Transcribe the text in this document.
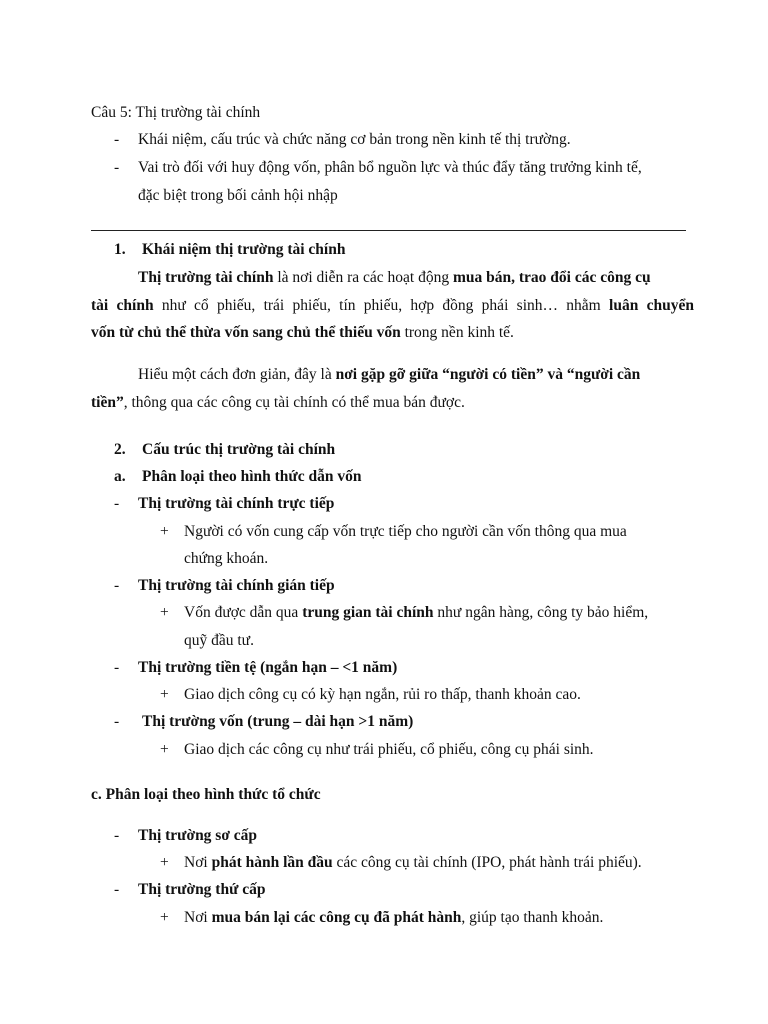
Câu 5: Thị trường tài chính
- Khái niệm, cấu trúc và chức năng cơ bản trong nền kinh tế thị trường.
- Vai trò đối với huy động vốn, phân bổ nguồn lực và thúc đẩy tăng trưởng kinh tế,
đặc biệt trong bối cảnh hội nhập
1. Khái niệm thị trường tài chính
Thị trường tài chính là nơi diễn ra các hoạt động mua bán, trao đổi các công cụ
tài chính như cổ phiếu, trái phiếu, tín phiếu, hợp đồng phái sinh… nhằm luân chuyển
vốn từ chủ thể thừa vốn sang chủ thể thiếu vốn trong nền kinh tế.
Hiểu một cách đơn giản, đây là nơi gặp gỡ giữa “người có tiền” và “người cần
tiền”, thông qua các công cụ tài chính có thể mua bán được.
2. Cấu trúc thị trường tài chính
a. Phân loại theo hình thức dẫn vốn
- Thị trường tài chính trực tiếp
+ Người có vốn cung cấp vốn trực tiếp cho người cần vốn thông qua mua
chứng khoán.
- Thị trường tài chính gián tiếp
+ Vốn được dẫn qua trung gian tài chính như ngân hàng, công ty bảo hiểm,
quỹ đầu tư.
- Thị trường tiền tệ (ngắn hạn – <1 năm)
+ Giao dịch công cụ có kỳ hạn ngắn, rủi ro thấp, thanh khoản cao.
- Thị trường vốn (trung – dài hạn >1 năm)
+ Giao dịch các công cụ như trái phiếu, cổ phiếu, công cụ phái sinh.
c. Phân loại theo hình thức tổ chức
- Thị trường sơ cấp
+ Nơi phát hành lần đầu các công cụ tài chính (IPO, phát hành trái phiếu).
- Thị trường thứ cấp
+ Nơi mua bán lại các công cụ đã phát hành, giúp tạo thanh khoản.
